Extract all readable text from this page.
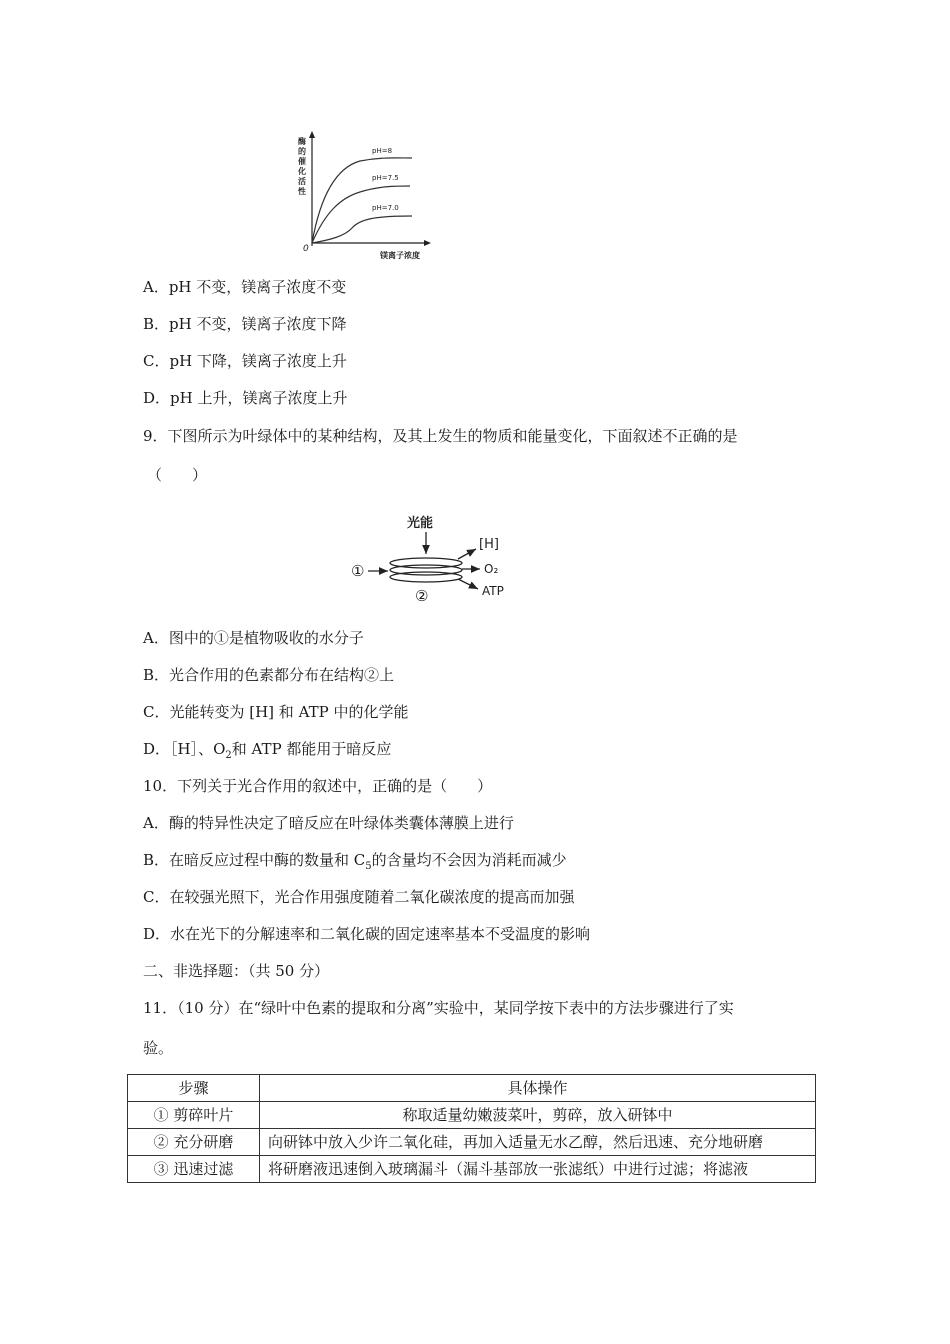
酶
的
催
化
活
性
0
镁离子浓度
pH=8
pH=7.5
pH=7.0
A．pH 不变，镁离子浓度不变
B．pH 不变，镁离子浓度下降
C．pH 下降，镁离子浓度上升
D．pH 上升，镁离子浓度上升
9．下图所示为叶绿体中的某种结构，及其上发生的物质和能量变化，下面叙述不正确的是
（　　）
光能
①
②
[H]
O₂
ATP
A．图中的①是植物吸收的水分子
B．光合作用的色素都分布在结构②上
C．光能转变为 [H] 和 ATP 中的化学能
D．［H］、$O_2$和 ATP 都能用于暗反应
10．下列关于光合作用的叙述中，正确的是（　　）
A．酶的特异性决定了暗反应在叶绿体类囊体薄膜上进行
B．在暗反应过程中酶的数量和 $C_5$的含量均不会因为消耗而减少
C．在较强光照下，光合作用强度随着二氧化碳浓度的提高而加强
D．水在光下的分解速率和二氧化碳的固定速率基本不受温度的影响
二、非选择题：（共 50 分）
11．（10 分）在“绿叶中色素的提取和分离”实验中，某同学按下表中的方法步骤进行了实
验。
步骤	具体操作
① 剪碎叶片	称取适量幼嫩菠菜叶，剪碎，放入研钵中
② 充分研磨	向研钵中放入少许二氧化硅，再加入适量无水乙醇，然后迅速、充分地研磨
③ 迅速过滤	将研磨液迅速倒入玻璃漏斗（漏斗基部放一张滤纸）中进行过滤；将滤液
